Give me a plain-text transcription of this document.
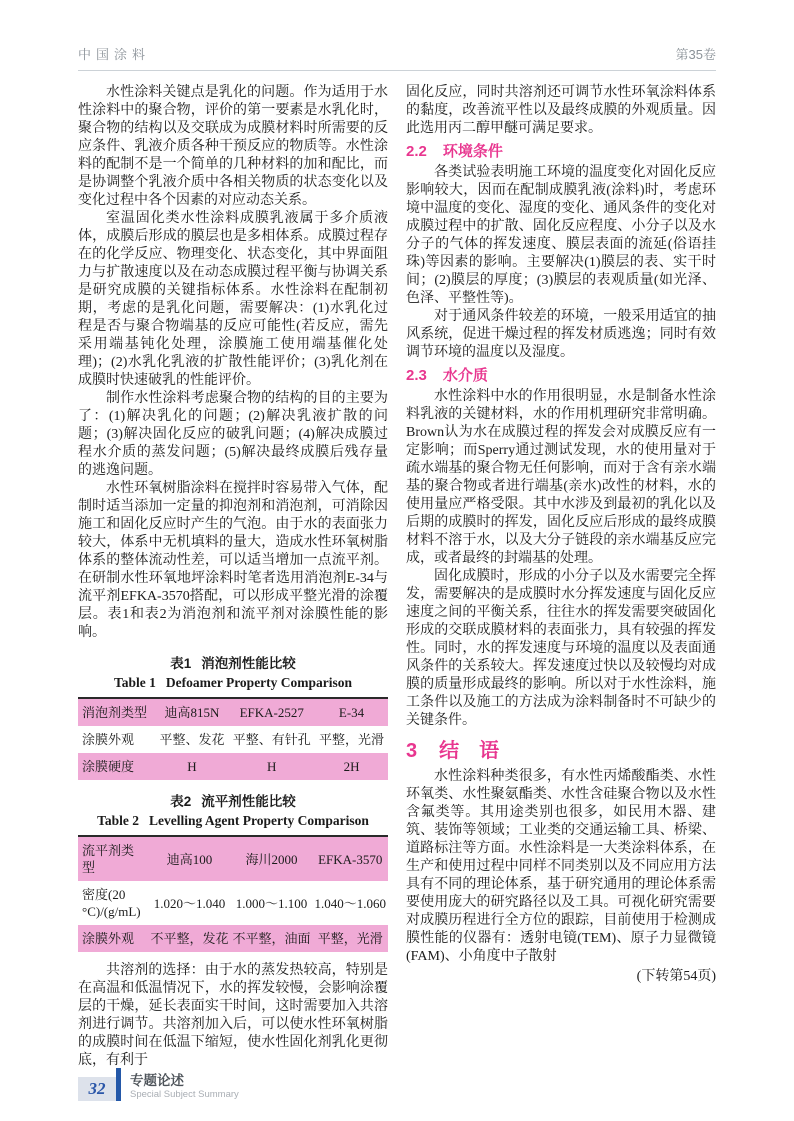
中国涂料	第35卷

水性涂料关键点是乳化的问题。作为适用于水性涂料中的聚合物，评价的第一要素是水乳化时，聚合物的结构以及交联成为成膜材料时所需要的反应条件、乳液介质各种干预反应的物质等。水性涂料的配制不是一个简单的几种材料的加和配比，而是协调整个乳液介质中各相关物质的状态变化以及变化过程中各个因素的对应动态关系。

室温固化类水性涂料成膜乳液属于多介质液体，成膜后形成的膜层也是多相体系。成膜过程存在的化学反应、物理变化、状态变化，其中界面阻力与扩散速度以及在动态成膜过程平衡与协调关系是研究成膜的关键指标体系。水性涂料在配制初期，考虑的是乳化问题，需要解决：(1)水乳化过程是否与聚合物端基的反应可能性(若反应，需先采用端基钝化处理，涂膜施工使用端基催化处理)；(2)水乳化乳液的扩散性能评价；(3)乳化剂在成膜时快速破乳的性能评价。

制作水性涂料考虑聚合物的结构的目的主要为了：(1)解决乳化的问题；(2)解决乳液扩散的问题；(3)解决固化反应的破乳问题；(4)解决成膜过程水介质的蒸发问题；(5)解决最终成膜后残存量的逃逸问题。

水性环氧树脂涂料在搅拌时容易带入气体，配制时适当添加一定量的抑泡剂和消泡剂，可消除因施工和固化反应时产生的气泡。由于水的表面张力较大，体系中无机填料的量大，造成水性环氧树脂体系的整体流动性差，可以适当增加一点流平剂。在研制水性环氧地坪涂料时笔者选用消泡剂E-34与流平剂EFKA-3570搭配，可以形成平整光滑的涂覆层。表1和表2为消泡剂和流平剂对涂膜性能的影响。

表1 消泡剂性能比较
Table 1 Defoamer Property Comparison
消泡剂类型	迪高815N	EFKA-2527	E-34
涂膜外观	平整、发花	平整、有针孔	平整，光滑
涂膜硬度	H	H	2H
表2 流平剂性能比较
Table 2 Levelling Agent Property Comparison
流平剂类型	迪高100	海川2000	EFKA-3570
密度(20 °C)/(g/mL)	1.020～1.040	1.000～1.100	1.040～1.060
涂膜外观	不平整，发花	不平整，油面	平整，光滑

共溶剂的选择：由于水的蒸发热较高，特别是在高温和低温情况下，水的挥发较慢，会影响涂覆层的干燥，延长表面实干时间，这时需要加入共溶剂进行调节。共溶剂加入后，可以使水性环氧树脂的成膜时间在低温下缩短，使水性固化剂乳化更彻底，有利于

固化反应，同时共溶剂还可调节水性环氧涂料体系的黏度，改善流平性以及最终成膜的外观质量。因此选用丙二醇甲醚可满足要求。

2.2 环境条件

各类试验表明施工环境的温度变化对固化反应影响较大，因而在配制成膜乳液(涂料)时，考虑环境中温度的变化、湿度的变化、通风条件的变化对成膜过程中的扩散、固化反应程度、小分子以及水分子的气体的挥发速度、膜层表面的流延(俗语挂珠)等因素的影响。主要解决(1)膜层的表、实干时间；(2)膜层的厚度；(3)膜层的表观质量(如光泽、色泽、平整性等)。

对于通风条件较差的环境，一般采用适宜的抽风系统，促进干燥过程的挥发材质逃逸；同时有效调节环境的温度以及湿度。

2.3 水介质

水性涂料中水的作用很明显，水是制备水性涂料乳液的关键材料，水的作用机理研究非常明确。Brown认为水在成膜过程的挥发会对成膜反应有一定影响；而Sperry通过测试发现，水的使用量对于疏水端基的聚合物无任何影响，而对于含有亲水端基的聚合物或者进行端基(亲水)改性的材料，水的使用量应严格受限。其中水涉及到最初的乳化以及后期的成膜时的挥发，固化反应后形成的最终成膜材料不溶于水，以及大分子链段的亲水端基反应完成，或者最终的封端基的处理。

固化成膜时，形成的小分子以及水需要完全挥发，需要解决的是成膜时水分挥发速度与固化反应速度之间的平衡关系，往往水的挥发需要突破固化形成的交联成膜材料的表面张力，具有较强的挥发性。同时，水的挥发速度与环境的温度以及表面通风条件的关系较大。挥发速度过快以及较慢均对成膜的质量形成最终的影响。所以对于水性涂料，施工条件以及施工的方法成为涂料制备时不可缺少的关键条件。

3 结　语

水性涂料种类很多，有水性丙烯酸酯类、水性环氧类、水性聚氨酯类、水性含硅聚合物以及水性含氟类等。其用途类别也很多，如民用木器、建筑、装饰等领域；工业类的交通运输工具、桥梁、道路标注等方面。水性涂料是一大类涂料体系，在生产和使用过程中同样不同类别以及不同应用方法具有不同的理论体系，基于研究通用的理论体系需要使用庞大的研究路径以及工具。可视化研究需要对成膜历程进行全方位的跟踪，目前使用于检测成膜性能的仪器有：透射电镜(TEM)、原子力显微镜(FAM)、小角度中子散射

(下转第54页)

32	专题论述
Special Subject Summary
